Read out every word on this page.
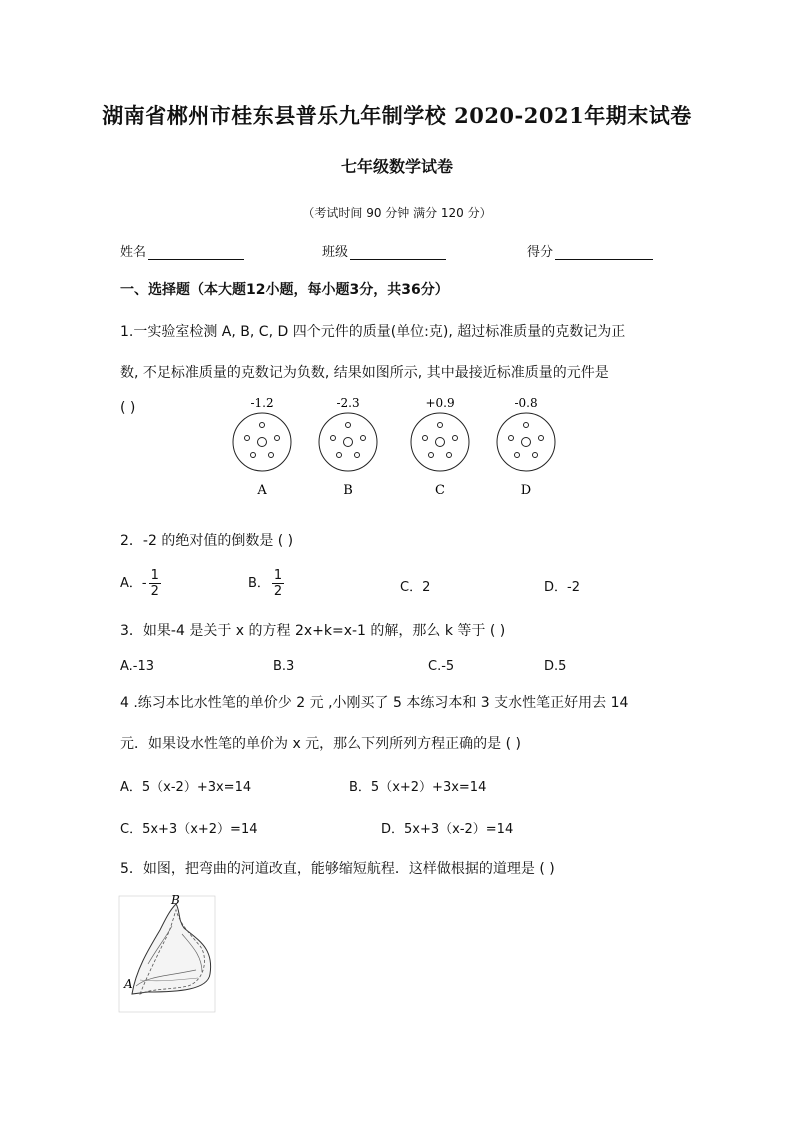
湖南省郴州市桂东县普乐九年制学校 2020-2021年期末试卷
七年级数学试卷
（考试时间 90 分钟 满分 120 分）
姓名	班级	得分
一、选择题（本大题12小题，每小题3分，共36分）
1.一实验室检测 A, B, C, D 四个元件的质量(单位:克), 超过标准质量的克数记为正
数, 不足标准质量的克数记为负数, 结果如图所示, 其中最接近标准质量的元件是
( )	-1.2
A
-2.3
B
+0.9
C
-0.8
D
2．-2 的绝对值的倒数是 ( )
A．- $\frac{1}{2}$	B． $\frac{1}{2}$	C．2	D．-2
3．如果-4 是关于 x 的方程 2x+k=x-1 的解，那么 k 等于 ( )
A.-13	B.3	C.-5	D.5
4 .练习本比水性笔的单价少 2 元 ,小刚买了 5 本练习本和 3 支水性笔正好用去 14
元．如果设水性笔的单价为 x 元，那么下列所列方程正确的是 ( )
A．5（x-2）+3x=14	B．5（x+2）+3x=14
C．5x+3（x+2）=14	D．5x+3（x-2）=14
5．如图，把弯曲的河道改直，能够缩短航程．这样做根据的道理是 ( )
B
A
